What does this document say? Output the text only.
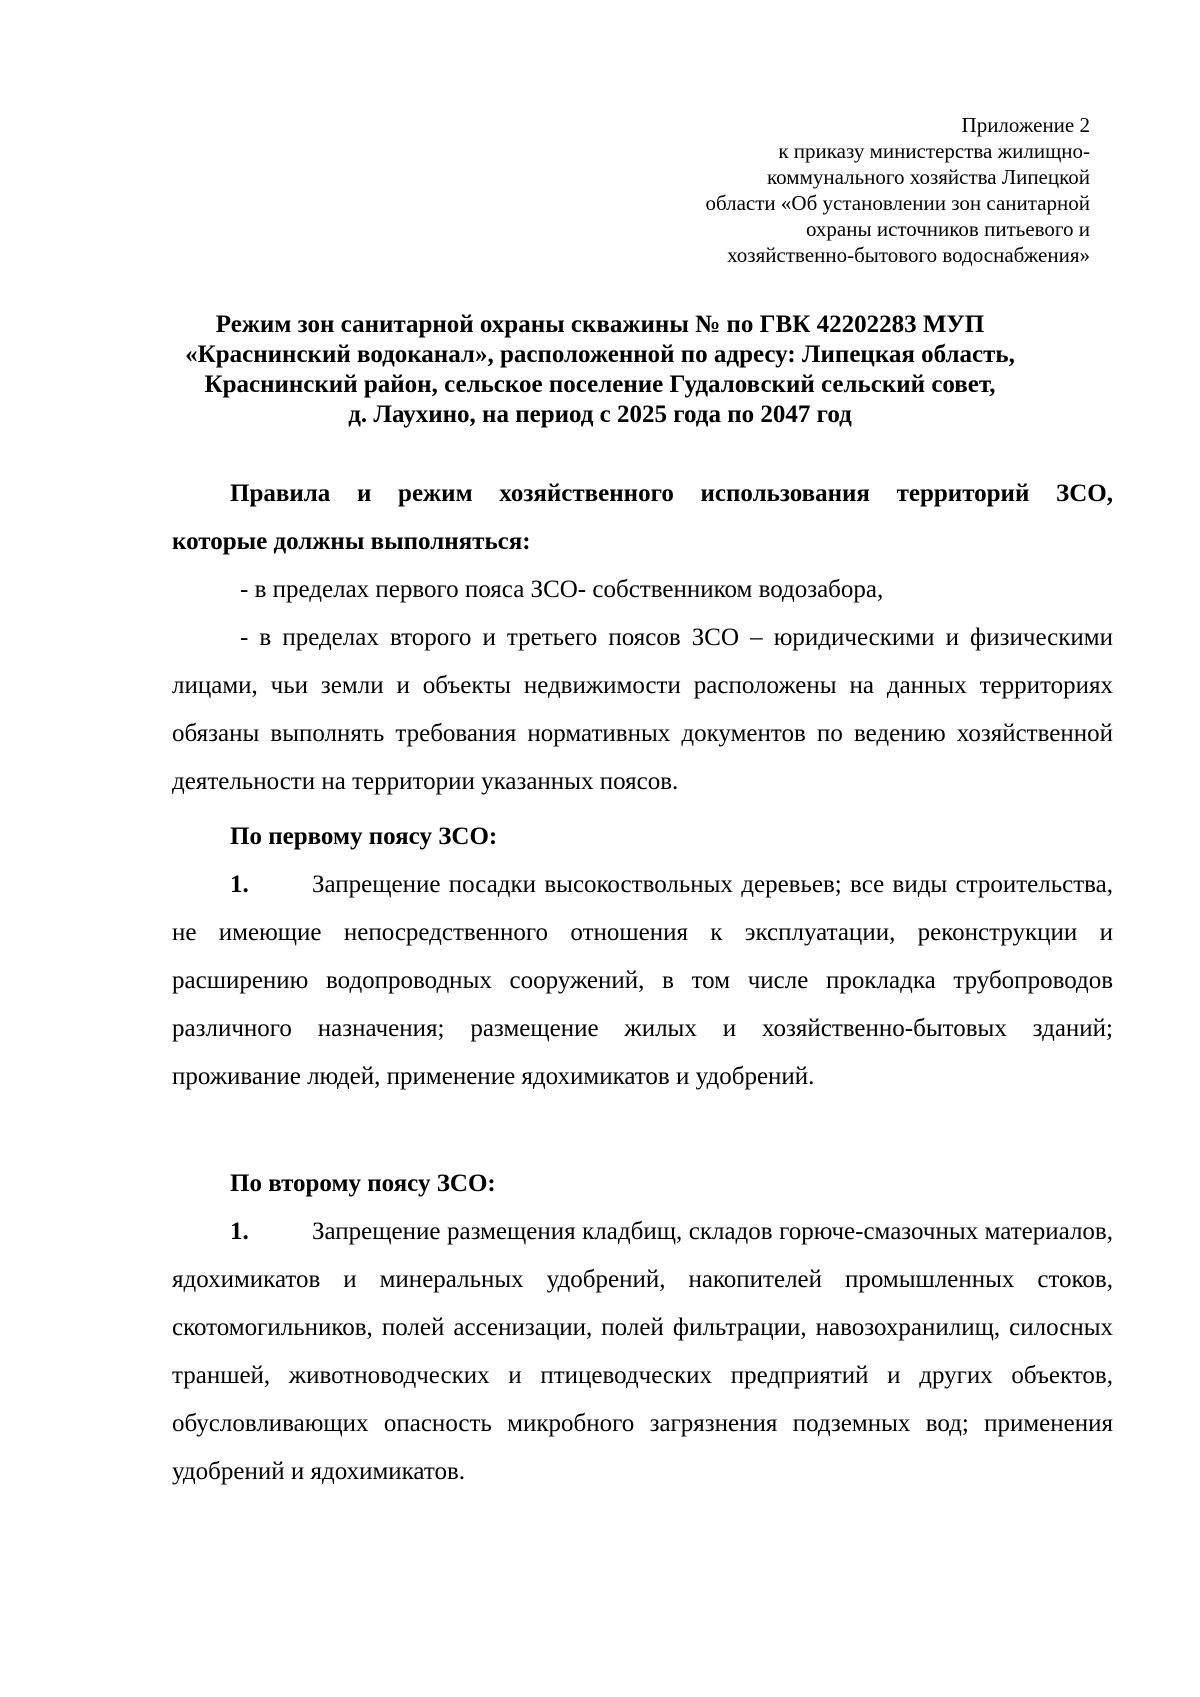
Приложение 2
к приказу министерства жилищно-
коммунального хозяйства Липецкой
области «Об установлении зон санитарной
охраны источников питьевого и
хозяйственно-бытового водоснабжения»
Режим зон санитарной охраны скважины № по ГВК 42202283 МУП
«Краснинский водоканал», расположенной по адресу: Липецкая область,
Краснинский район, сельское поселение Гудаловский сельский совет,
д. Лаухино, на период с 2025 года по 2047 год
Правила и режим хозяйственного использования территорий ЗСО,
которые должны выполняться:
- в пределах первого пояса ЗСО- собственником водозабора,
- в пределах второго и третьего поясов ЗСО – юридическими и физическими лицами, чьи земли и объекты недвижимости расположены на данных территориях обязаны выполнять требования нормативных документов по ведению хозяйственной деятельности на территории указанных поясов.
По первому поясу ЗСО:
1.	Запрещение посадки высокоствольных деревьев; все виды строительства, не имеющие непосредственного отношения к эксплуатации, реконструкции и расширению водопроводных сооружений, в том числе прокладка трубопроводов различного назначения; размещение жилых и хозяйственно-бытовых зданий; проживание людей, применение ядохимикатов и удобрений.
По второму поясу ЗСО:
1.	Запрещение размещения кладбищ, складов горюче-смазочных материалов, ядохимикатов и минеральных удобрений, накопителей промышленных стоков, скотомогильников, полей ассенизации, полей фильтрации, навозохранилищ, силосных траншей, животноводческих и птицеводческих предприятий и других объектов, обусловливающих опасность микробного загрязнения подземных вод; применения удобрений и ядохимикатов.
